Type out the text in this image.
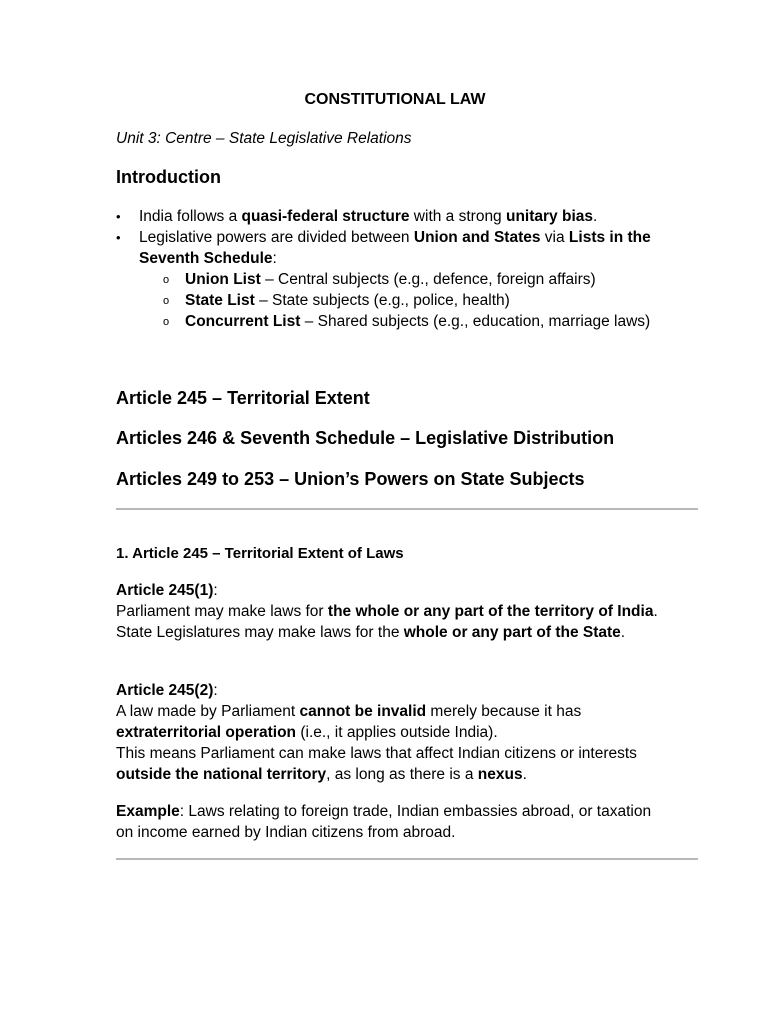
CONSTITUTIONAL LAW
Unit 3: Centre – State Legislative Relations
Introduction
• India follows a quasi-federal structure with a strong unitary bias.
• Legislative powers are divided between Union and States via Lists in the Seventh Schedule:
o Union List – Central subjects (e.g., defence, foreign affairs)
o State List – State subjects (e.g., police, health)
o Concurrent List – Shared subjects (e.g., education, marriage laws)
Article 245 – Territorial Extent
Articles 246 & Seventh Schedule – Legislative Distribution
Articles 249 to 253 – Union’s Powers on State Subjects
1. Article 245 – Territorial Extent of Laws
Article 245(1):
Parliament may make laws for the whole or any part of the territory of India.
State Legislatures may make laws for the whole or any part of the State.
Article 245(2):
A law made by Parliament cannot be invalid merely because it has
extraterritorial operation (i.e., it applies outside India).
This means Parliament can make laws that affect Indian citizens or interests
outside the national territory, as long as there is a nexus.
Example: Laws relating to foreign trade, Indian embassies abroad, or taxation on income earned by Indian citizens from abroad.
